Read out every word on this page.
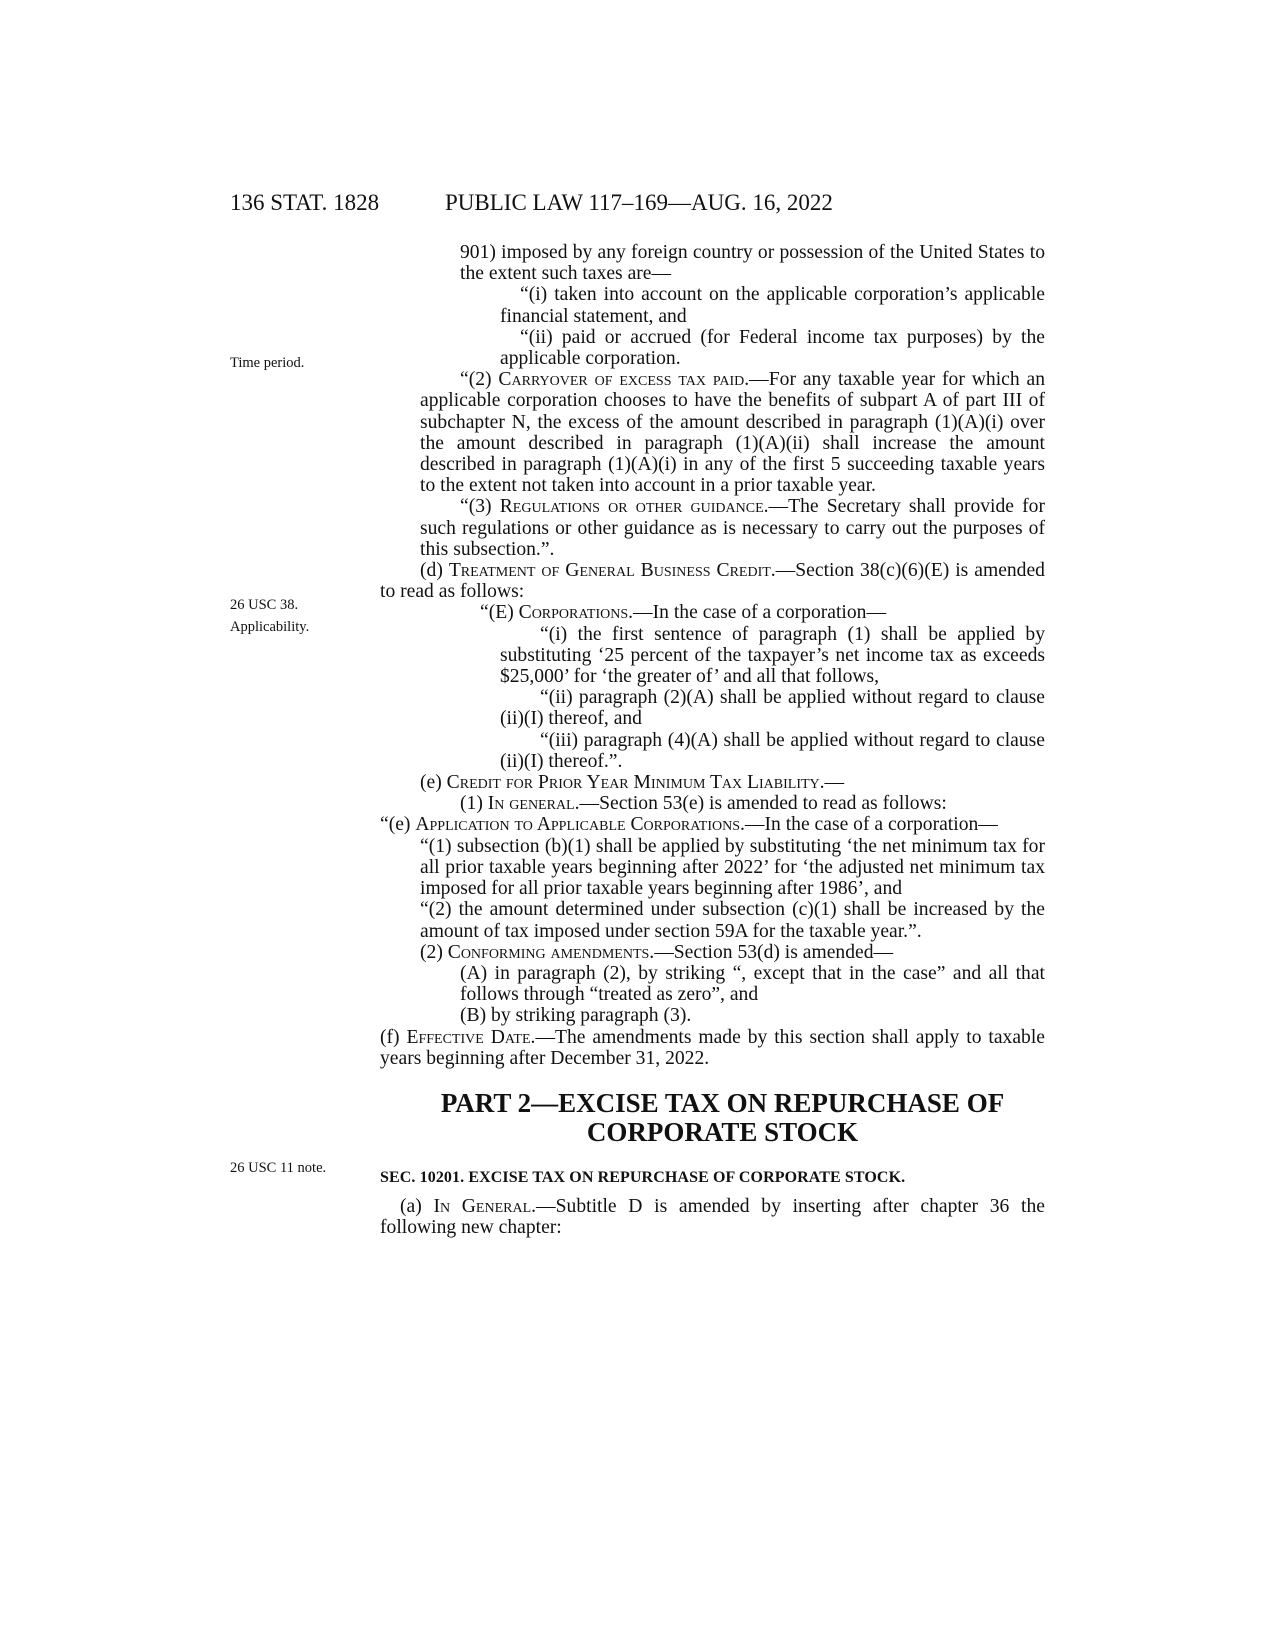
136 STAT. 1828	PUBLIC LAW 117–169—AUG. 16, 2022
Time period.
26 USC 38.
Applicability.
26 USC 11 note.

901) imposed by any foreign country or possession of the United States to the extent such taxes are—

“(i) taken into account on the applicable corporation’s applicable financial statement, and

“(ii) paid or accrued (for Federal income tax purposes) by the applicable corporation.

“(2) Carryover of excess tax paid.—For any taxable year for which an applicable corporation chooses to have the benefits of subpart A of part III of subchapter N, the excess of the amount described in paragraph (1)(A)(i) over the amount described in paragraph (1)(A)(ii) shall increase the amount described in paragraph (1)(A)(i) in any of the first 5 succeeding taxable years to the extent not taken into account in a prior taxable year.

“(3) Regulations or other guidance.—The Secretary shall provide for such regulations or other guidance as is necessary to carry out the purposes of this subsection.”.

(d) Treatment of General Business Credit.—Section 38(c)(6)(E) is amended to read as follows:

“(E) Corporations.—In the case of a corporation—

“(i) the first sentence of paragraph (1) shall be applied by substituting ‘25 percent of the taxpayer’s net income tax as exceeds $25,000’ for ‘the greater of’ and all that follows,

“(ii) paragraph (2)(A) shall be applied without regard to clause (ii)(I) thereof, and

“(iii) paragraph (4)(A) shall be applied without regard to clause (ii)(I) thereof.”.

(e) Credit for Prior Year Minimum Tax Liability.—

(1) In general.—Section 53(e) is amended to read as follows:

“(e) Application to Applicable Corporations.—In the case of a corporation—

“(1) subsection (b)(1) shall be applied by substituting ‘the net minimum tax for all prior taxable years beginning after 2022’ for ‘the adjusted net minimum tax imposed for all prior taxable years beginning after 1986’, and

“(2) the amount determined under subsection (c)(1) shall be increased by the amount of tax imposed under section 59A for the taxable year.”.

(2) Conforming amendments.—Section 53(d) is amended—

(A) in paragraph (2), by striking “, except that in the case” and all that follows through “treated as zero”, and

(B) by striking paragraph (3).

(f) Effective Date.—The amendments made by this section shall apply to taxable years beginning after December 31, 2022.

PART 2—EXCISE TAX ON REPURCHASE OF CORPORATE STOCK

SEC. 10201. EXCISE TAX ON REPURCHASE OF CORPORATE STOCK.

(a) In General.—Subtitle D is amended by inserting after chapter 36 the following new chapter:
